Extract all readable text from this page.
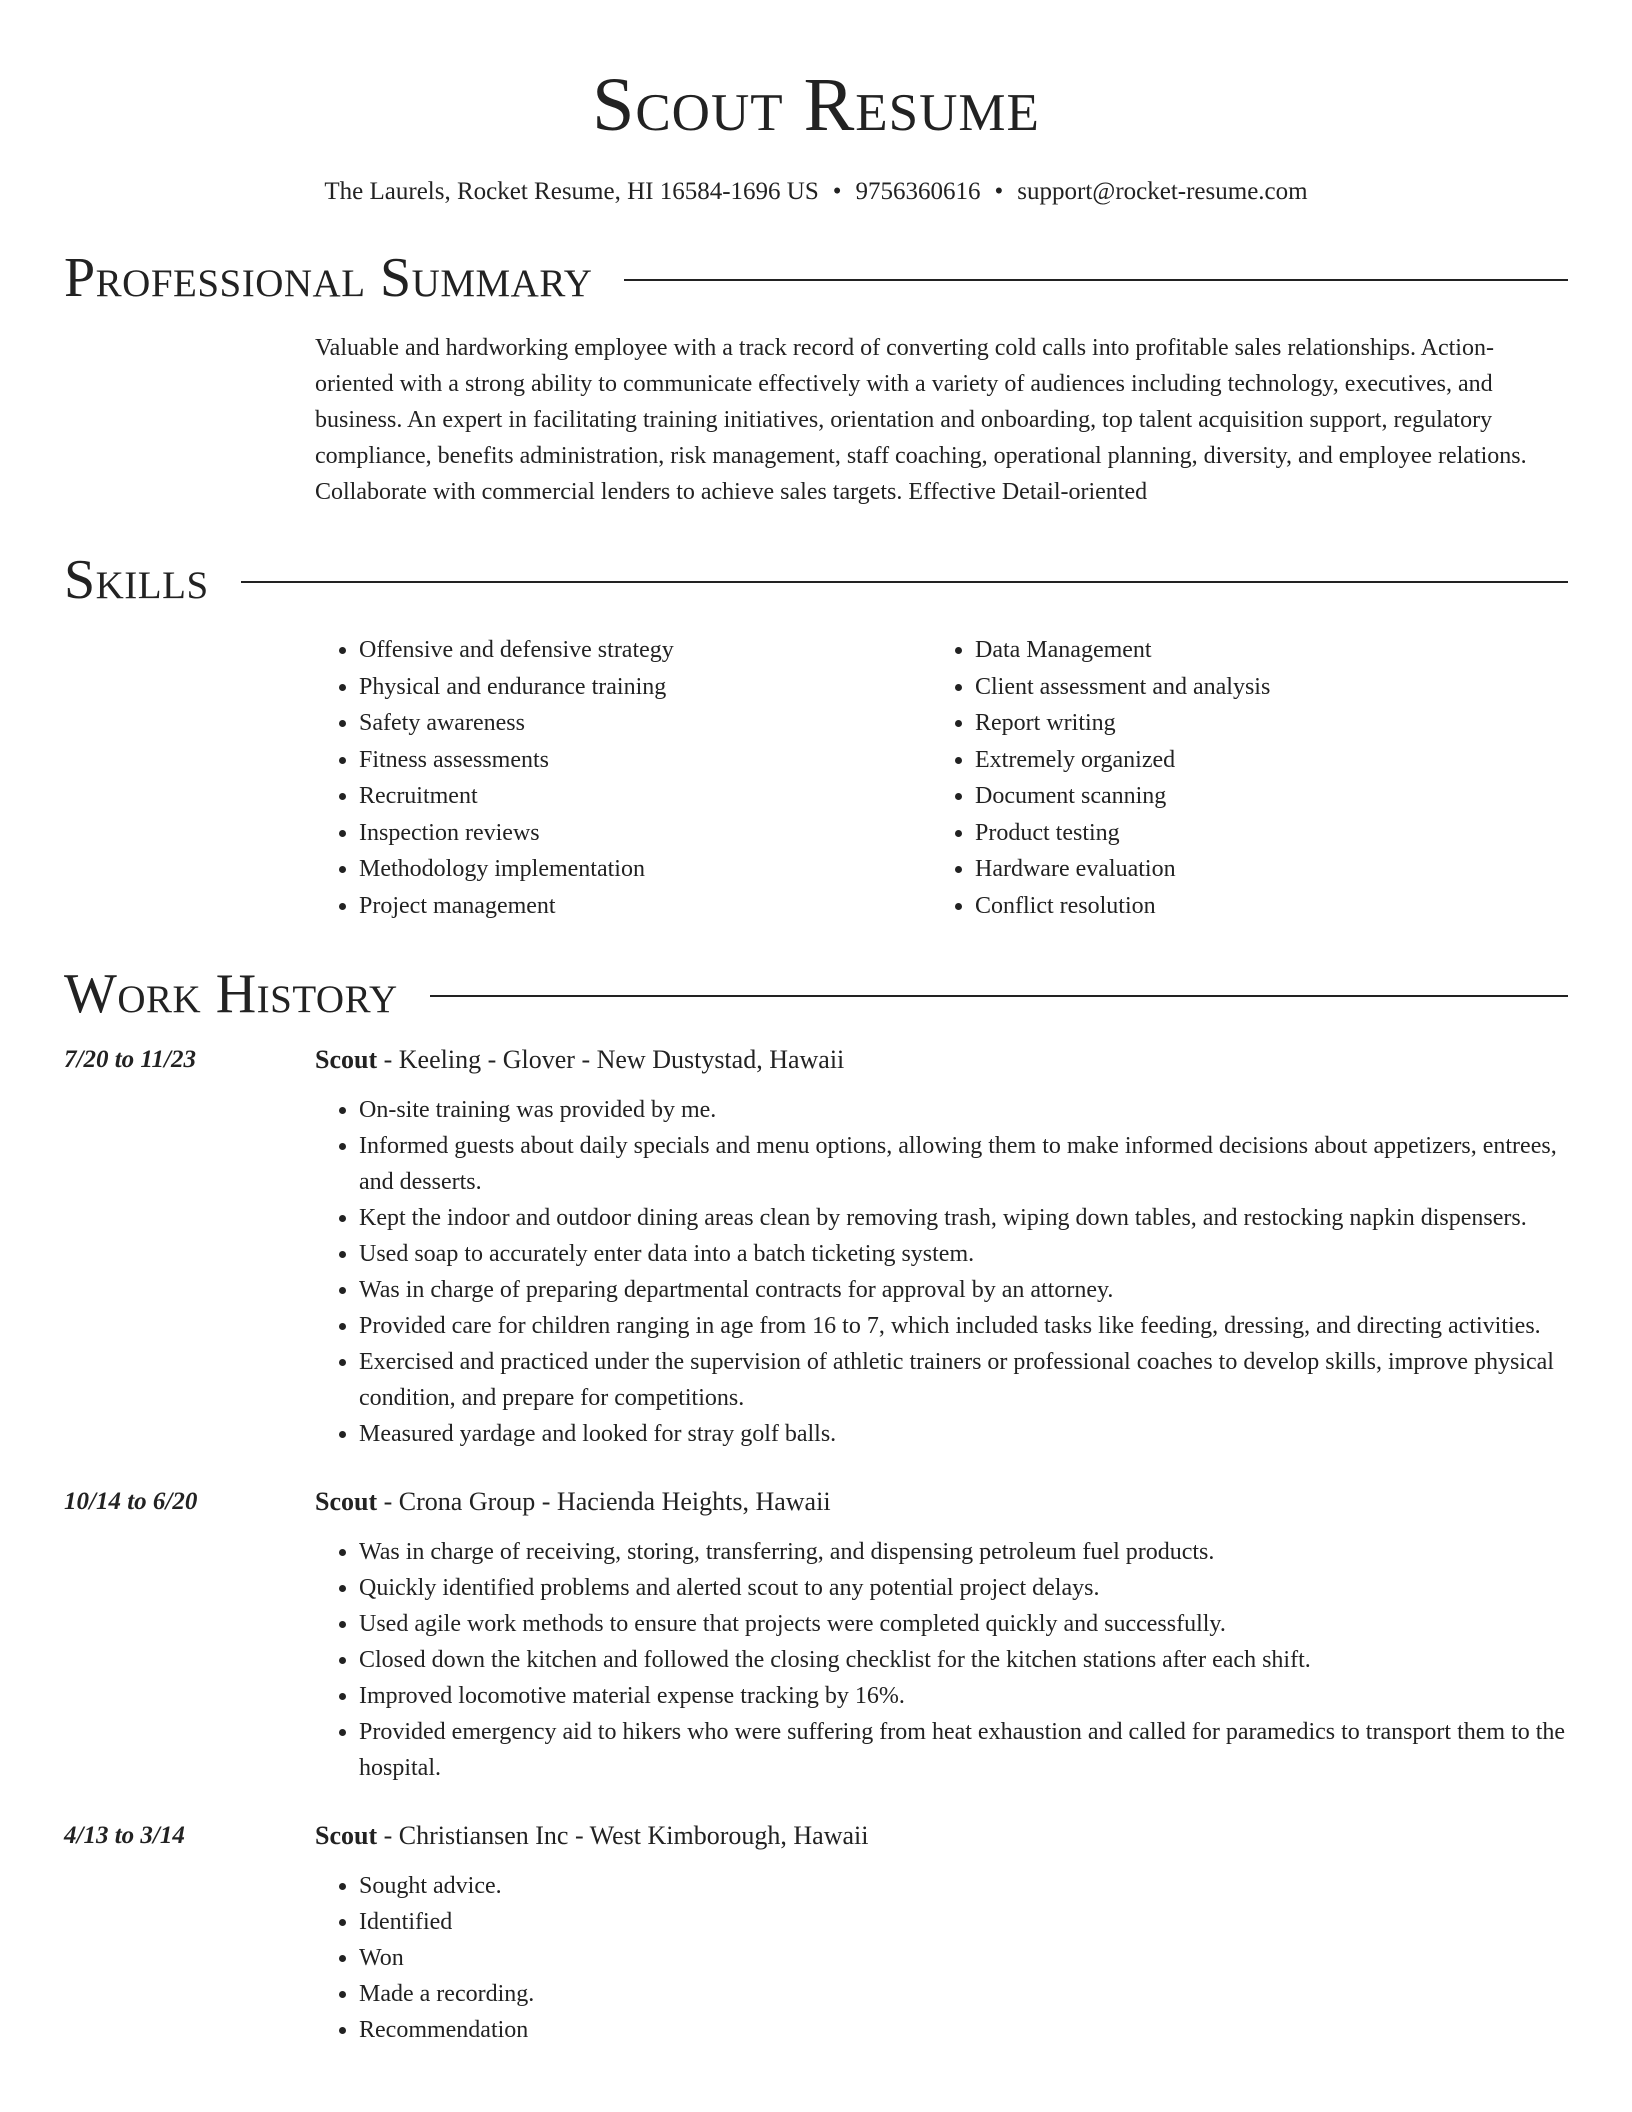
Scout Resume
The Laurels, Rocket Resume, HI 16584-1696 US • 9756360616 • support@rocket-resume.com
Professional Summary
Valuable and hardworking employee with a track record of converting cold calls into profitable sales relationships. Action-oriented with a strong ability to communicate effectively with a variety of audiences including technology, executives, and business. An expert in facilitating training initiatives, orientation and onboarding, top talent acquisition support, regulatory compliance, benefits administration, risk management, staff coaching, operational planning, diversity, and employee relations. Collaborate with commercial lenders to achieve sales targets. Effective Detail-oriented
Skills
• Offensive and defensive strategy
• Physical and endurance training
• Safety awareness
• Fitness assessments
• Recruitment
• Inspection reviews
• Methodology implementation
• Project management
• Data Management
• Client assessment and analysis
• Report writing
• Extremely organized
• Document scanning
• Product testing
• Hardware evaluation
• Conflict resolution
Work History
7/20 to 11/23	Scout - Keeling - Glover - New Dustystad, Hawaii
• On-site training was provided by me.
• Informed guests about daily specials and menu options, allowing them to make informed decisions about appetizers, entrees, and desserts.
• Kept the indoor and outdoor dining areas clean by removing trash, wiping down tables, and restocking napkin dispensers.
• Used soap to accurately enter data into a batch ticketing system.
• Was in charge of preparing departmental contracts for approval by an attorney.
• Provided care for children ranging in age from 16 to 7, which included tasks like feeding, dressing, and directing activities.
• Exercised and practiced under the supervision of athletic trainers or professional coaches to develop skills, improve physical condition, and prepare for competitions.
• Measured yardage and looked for stray golf balls.
10/14 to 6/20	Scout - Crona Group - Hacienda Heights, Hawaii
• Was in charge of receiving, storing, transferring, and dispensing petroleum fuel products.
• Quickly identified problems and alerted scout to any potential project delays.
• Used agile work methods to ensure that projects were completed quickly and successfully.
• Closed down the kitchen and followed the closing checklist for the kitchen stations after each shift.
• Improved locomotive material expense tracking by 16%.
• Provided emergency aid to hikers who were suffering from heat exhaustion and called for paramedics to transport them to the hospital.
4/13 to 3/14	Scout - Christiansen Inc - West Kimborough, Hawaii
• Sought advice.
• Identified
• Won
• Made a recording.
• Recommendation
